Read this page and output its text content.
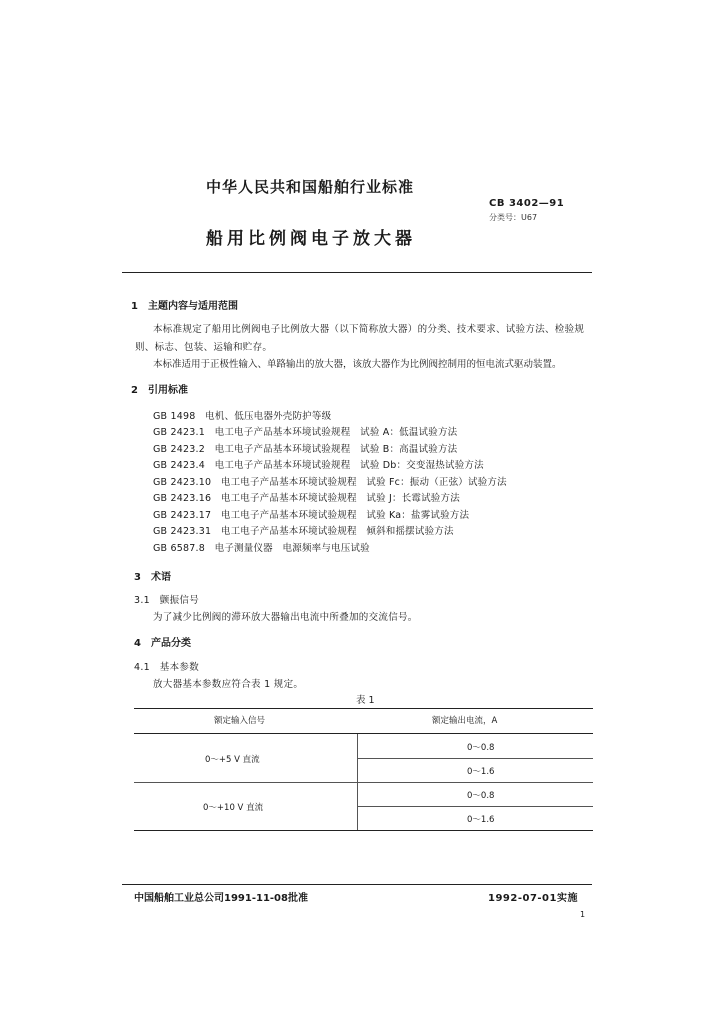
中华人民共和国船舶行业标准
CB 3402—91
分类号：U67
船用比例阀电子放大器
1　主题内容与适用范围
本标准规定了船用比例阀电子比例放大器（以下简称放大器）的分类、技术要求、试验方法、检验规
则、标志、包装、运输和贮存。
本标准适用于正极性输入、单路输出的放大器，该放大器作为比例阀控制用的恒电流式驱动装置。
2　引用标准
GB 1498　电机、低压电器外壳防护等级
GB 2423.1　电工电子产品基本环境试验规程　试验 A：低温试验方法
GB 2423.2　电工电子产品基本环境试验规程　试验 B：高温试验方法
GB 2423.4　电工电子产品基本环境试验规程　试验 Db：交变湿热试验方法
GB 2423.10　电工电子产品基本环境试验规程　试验 Fc：振动（正弦）试验方法
GB 2423.16　电工电子产品基本环境试验规程　试验 J：长霉试验方法
GB 2423.17　电工电子产品基本环境试验规程　试验 Ka：盐雾试验方法
GB 2423.31　电工电子产品基本环境试验规程　倾斜和摇摆试验方法
GB 6587.8　电子测量仪器　电源频率与电压试验
3　术语
3.1　颤振信号
为了减少比例阀的滞环放大器输出电流中所叠加的交流信号。
4　产品分类
4.1　基本参数
放大器基本参数应符合表 1 规定。
表 1
额定输入信号	额定输出电流，A
0～+5 V 直流
0～0.8
0～1.6
0～+10 V 直流
0～0.8
0～1.6
中国船舶工业总公司1991-11-08批准	1992-07-01实施
1
